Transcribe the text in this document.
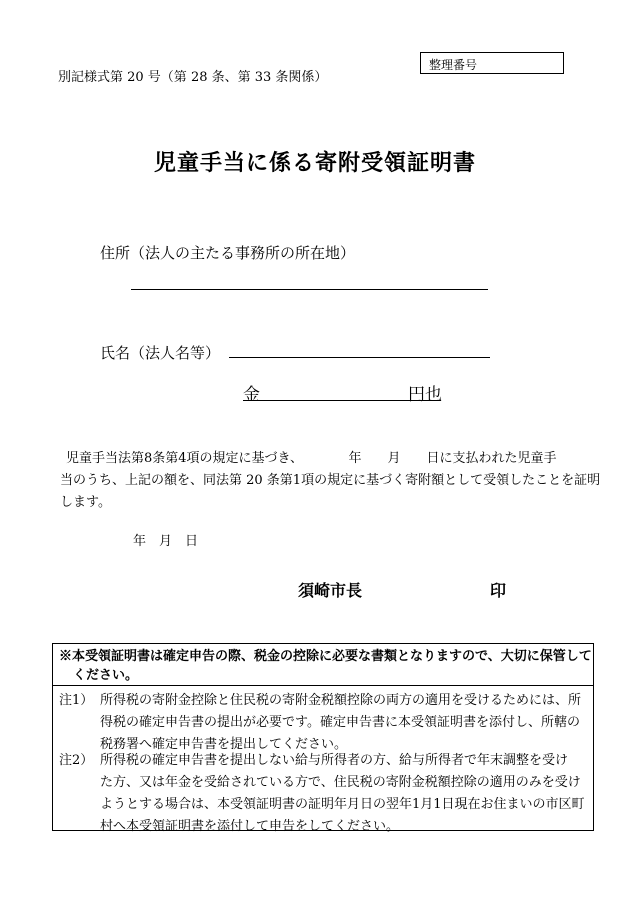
別記様式第 20 号（第 28 条、第 33 条関係）
整理番号
児童手当に係る寄附受領証明書
住所（法人の主たる事務所の所在地）
氏名（法人名等）
金	円也
児童手当法第8条第4項の規定に基づき、　　　　年　　月　　日に支払われた児童手
当のうち、上記の額を、同法第 20 条第1項の規定に基づく寄附額として受領したことを証明
します。
年　月　日
須崎市長	印
※本受領証明書は確定申告の際、税金の控除に必要な書類となりますので、大切に保管して
ください。
注1） 所得税の寄附金控除と住民税の寄附金税額控除の両方の適用を受けるためには、所
得税の確定申告書の提出が必要です。確定申告書に本受領証明書を添付し、所轄の
税務署へ確定申告書を提出してください。
注2） 所得税の確定申告書を提出しない給与所得者の方、給与所得者で年末調整を受け
た方、又は年金を受給されている方で、住民税の寄附金税額控除の適用のみを受け
ようとする場合は、本受領証明書の証明年月日の翌年1月1日現在お住まいの市区町
村へ本受領証明書を添付して申告をしてください。
